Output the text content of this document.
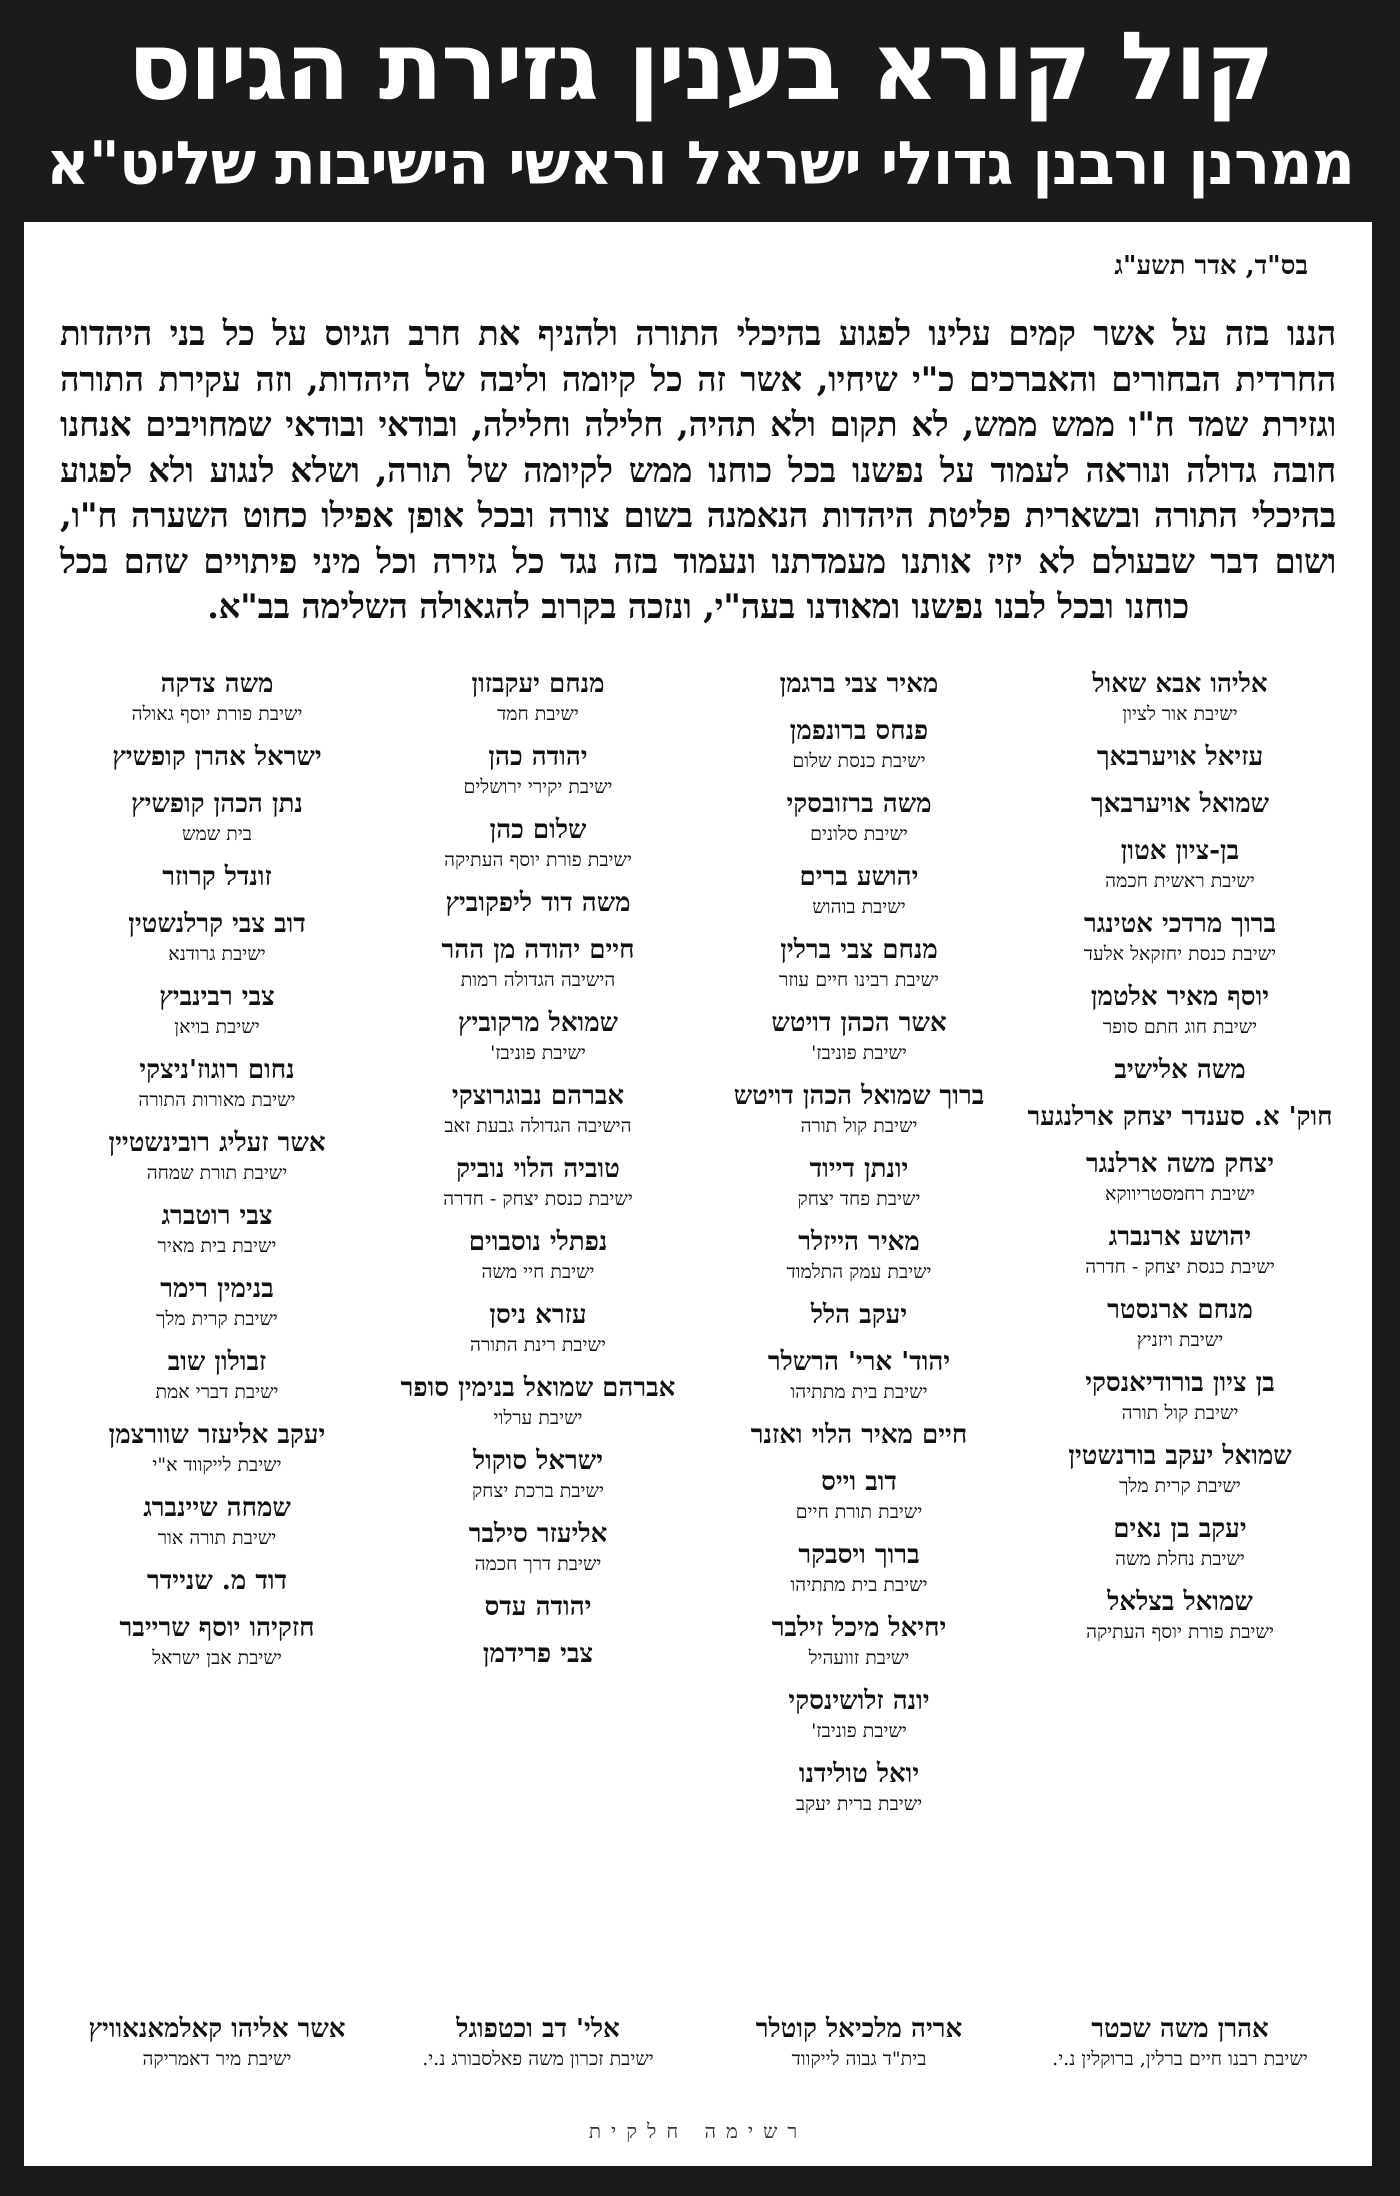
קול קורא בענין גזירת הגיוס
ממרנן ורבנן גדולי ישראל וראשי הישיבות שליט"א
בס"ד, אדר תשע"ג
הננו בזה על אשר קמים עלינו לפגוע בהיכלי התורה ולהניף את חרב הגיוס על כל בני היהדות החרדית הבחורים והאברכים כ"י שיחיו, אשר זה כל קיומה וליבה של היהדות, וזה עקירת התורה וגזירת שמד ח"ו ממש ממש, לא תקום ולא תהיה, חלילה וחלילה, ובודאי ובודאי שמחויבים אנחנו חובה גדולה ונוראה לעמוד על נפשנו בכל כוחנו ממש לקיומה של תורה, ושלא לנגוע ולא לפגוע בהיכלי התורה ובשארית פליטת היהדות הנאמנה בשום צורה ובכל אופן אפילו כחוט השערה ח"ו, ושום דבר שבעולם לא יזיז אותנו מעמדתנו ונעמוד בזה נגד כל גזירה וכל מיני פיתויים שהם בכל כוחנו ובכל לבנו נפשנו ומאודנו בעה"י, ונזכה בקרוב להגאולה השלימה בב"א.
אליהו אבא שאול
ישיבת אור לציון
עזיאל אויערבאך
שמואל אויערבאך
בן-ציון אטון
ישיבת ראשית חכמה
ברוך מרדכי אטינגר
ישיבת כנסת יחזקאל אלעד
יוסף מאיר אלטמן
ישיבת חוג חתם סופר
משה אלישיב
חוק' א. סענדר יצחק ארלנגער
יצחק משה ארלנגר
ישיבת רחמסטריווקא
יהושע ארנברג
ישיבת כנסת יצחק - חדרה
מנחם ארנסטר
ישיבת ויזניץ
בן ציון בורודיאנסקי
ישיבת קול תורה
שמואל יעקב בורנשטין
ישיבת קרית מלך
יעקב בן נאים
ישיבת נחלת משה
שמואל בצלאל
ישיבת פורת יוסף העתיקה
מאיר צבי ברגמן
פנחס ברונפמן
ישיבת כנסת שלום
משה ברזובסקי
ישיבת סלונים
יהושע ברים
ישיבת בוהוש
מנחם צבי ברלין
ישיבת רבינו חיים עוזר
אשר הכהן דויטש
ישיבת פוניבז'
ברוך שמואל הכהן דויטש
ישיבת קול תורה
יונתן דייוד
ישיבת פחד יצחק
מאיר הייזלר
ישיבת עמק התלמוד
יעקב הלל
יהוד' ארי' הרשלר
ישיבת בית מתתיהו
חיים מאיר הלוי ואזנר
דוב וייס
ישיבת תורת חיים
ברוך ויסבקר
ישיבת בית מתתיהו
יחיאל מיכל זילבר
ישיבת זוועהיל
יונה זלושינסקי
ישיבת פוניבז'
יואל טולידנו
ישיבת ברית יעקב
מנחם יעקבזון
ישיבת חמד
יהודה כהן
ישיבת יקירי ירושלים
שלום כהן
ישיבת פורת יוסף העתיקה
משה דוד ליפקוביץ
חיים יהודה מן ההר
הישיבה הגדולה רמות
שמואל מרקוביץ
ישיבת פוניבז'
אברהם נבוגרוצקי
הישיבה הגדולה גבעת זאב
טוביה הלוי נוביק
ישיבת כנסת יצחק - חדרה
נפתלי נוסבוים
ישיבת חיי משה
עזרא ניסן
ישיבת רינת התורה
אברהם שמואל בנימין סופר
ישיבת ערלוי
ישראל סוקול
ישיבת ברכת יצחק
אליעזר סילבר
ישיבת דרך חכמה
יהודה עדס
צבי פרידמן
משה צדקה
ישיבת פורת יוסף גאולה
ישראל אהרן קופשיץ
נתן הכהן קופשיץ
בית שמש
זונדל קרוזר
דוב צבי קרלנשטין
ישיבת גרודנא
צבי רבינביץ
ישיבת בויאן
נחום רוגוז'ניצקי
ישיבת מאורות התורה
אשר זעליג רובינשטיין
ישיבת תורת שמחה
צבי רוטברג
ישיבת בית מאיר
בנימין רימר
ישיבת קרית מלך
זבולון שוב
ישיבת דברי אמת
יעקב אליעזר שוורצמן
ישיבת לייקווד א"י
שמחה שיינברג
ישיבת תורה אור
דוד מ. שניידר
חזקיהו יוסף שרייבר
ישיבת אבן ישראל
אהרן משה שכטר
ישיבת רבנו חיים ברלין, ברוקלין נ.י.
אריה מלכיאל קוטלר
בית"ד גבוה לייקווד
אלי' דב וכטפוגל
ישיבת זכרון משה פאלסבורג נ.י.
אשר אליהו קאלמאנאוויץ
ישיבת מיר דאמריקה
רשימה חלקית
